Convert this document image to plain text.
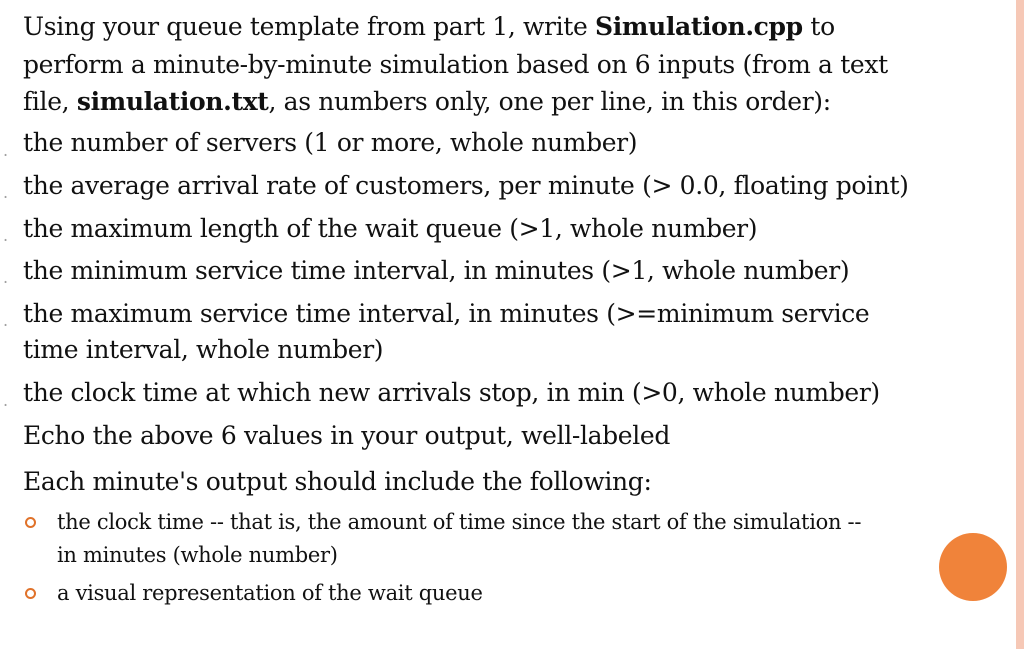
Using your queue template from part 1, write Simulation.cpp to
perform a minute-by-minute simulation based on 6 inputs (from a text
file, simulation.txt, as numbers only, one per line, in this order):
. the number of servers (1 or more, whole number)
. the average arrival rate of customers, per minute (> 0.0, floating point)
. the maximum length of the wait queue (>1, whole number)
. the minimum service time interval, in minutes (>1, whole number)
. the maximum service time interval, in minutes (>=minimum service
time interval, whole number)
. the clock time at which new arrivals stop, in min (>0, whole number)
Echo the above 6 values in your output, well-labeled
Each minute's output should include the following:
the clock time -- that is, the amount of time since the start of the simulation --
in minutes (whole number)
a visual representation of the wait queue
